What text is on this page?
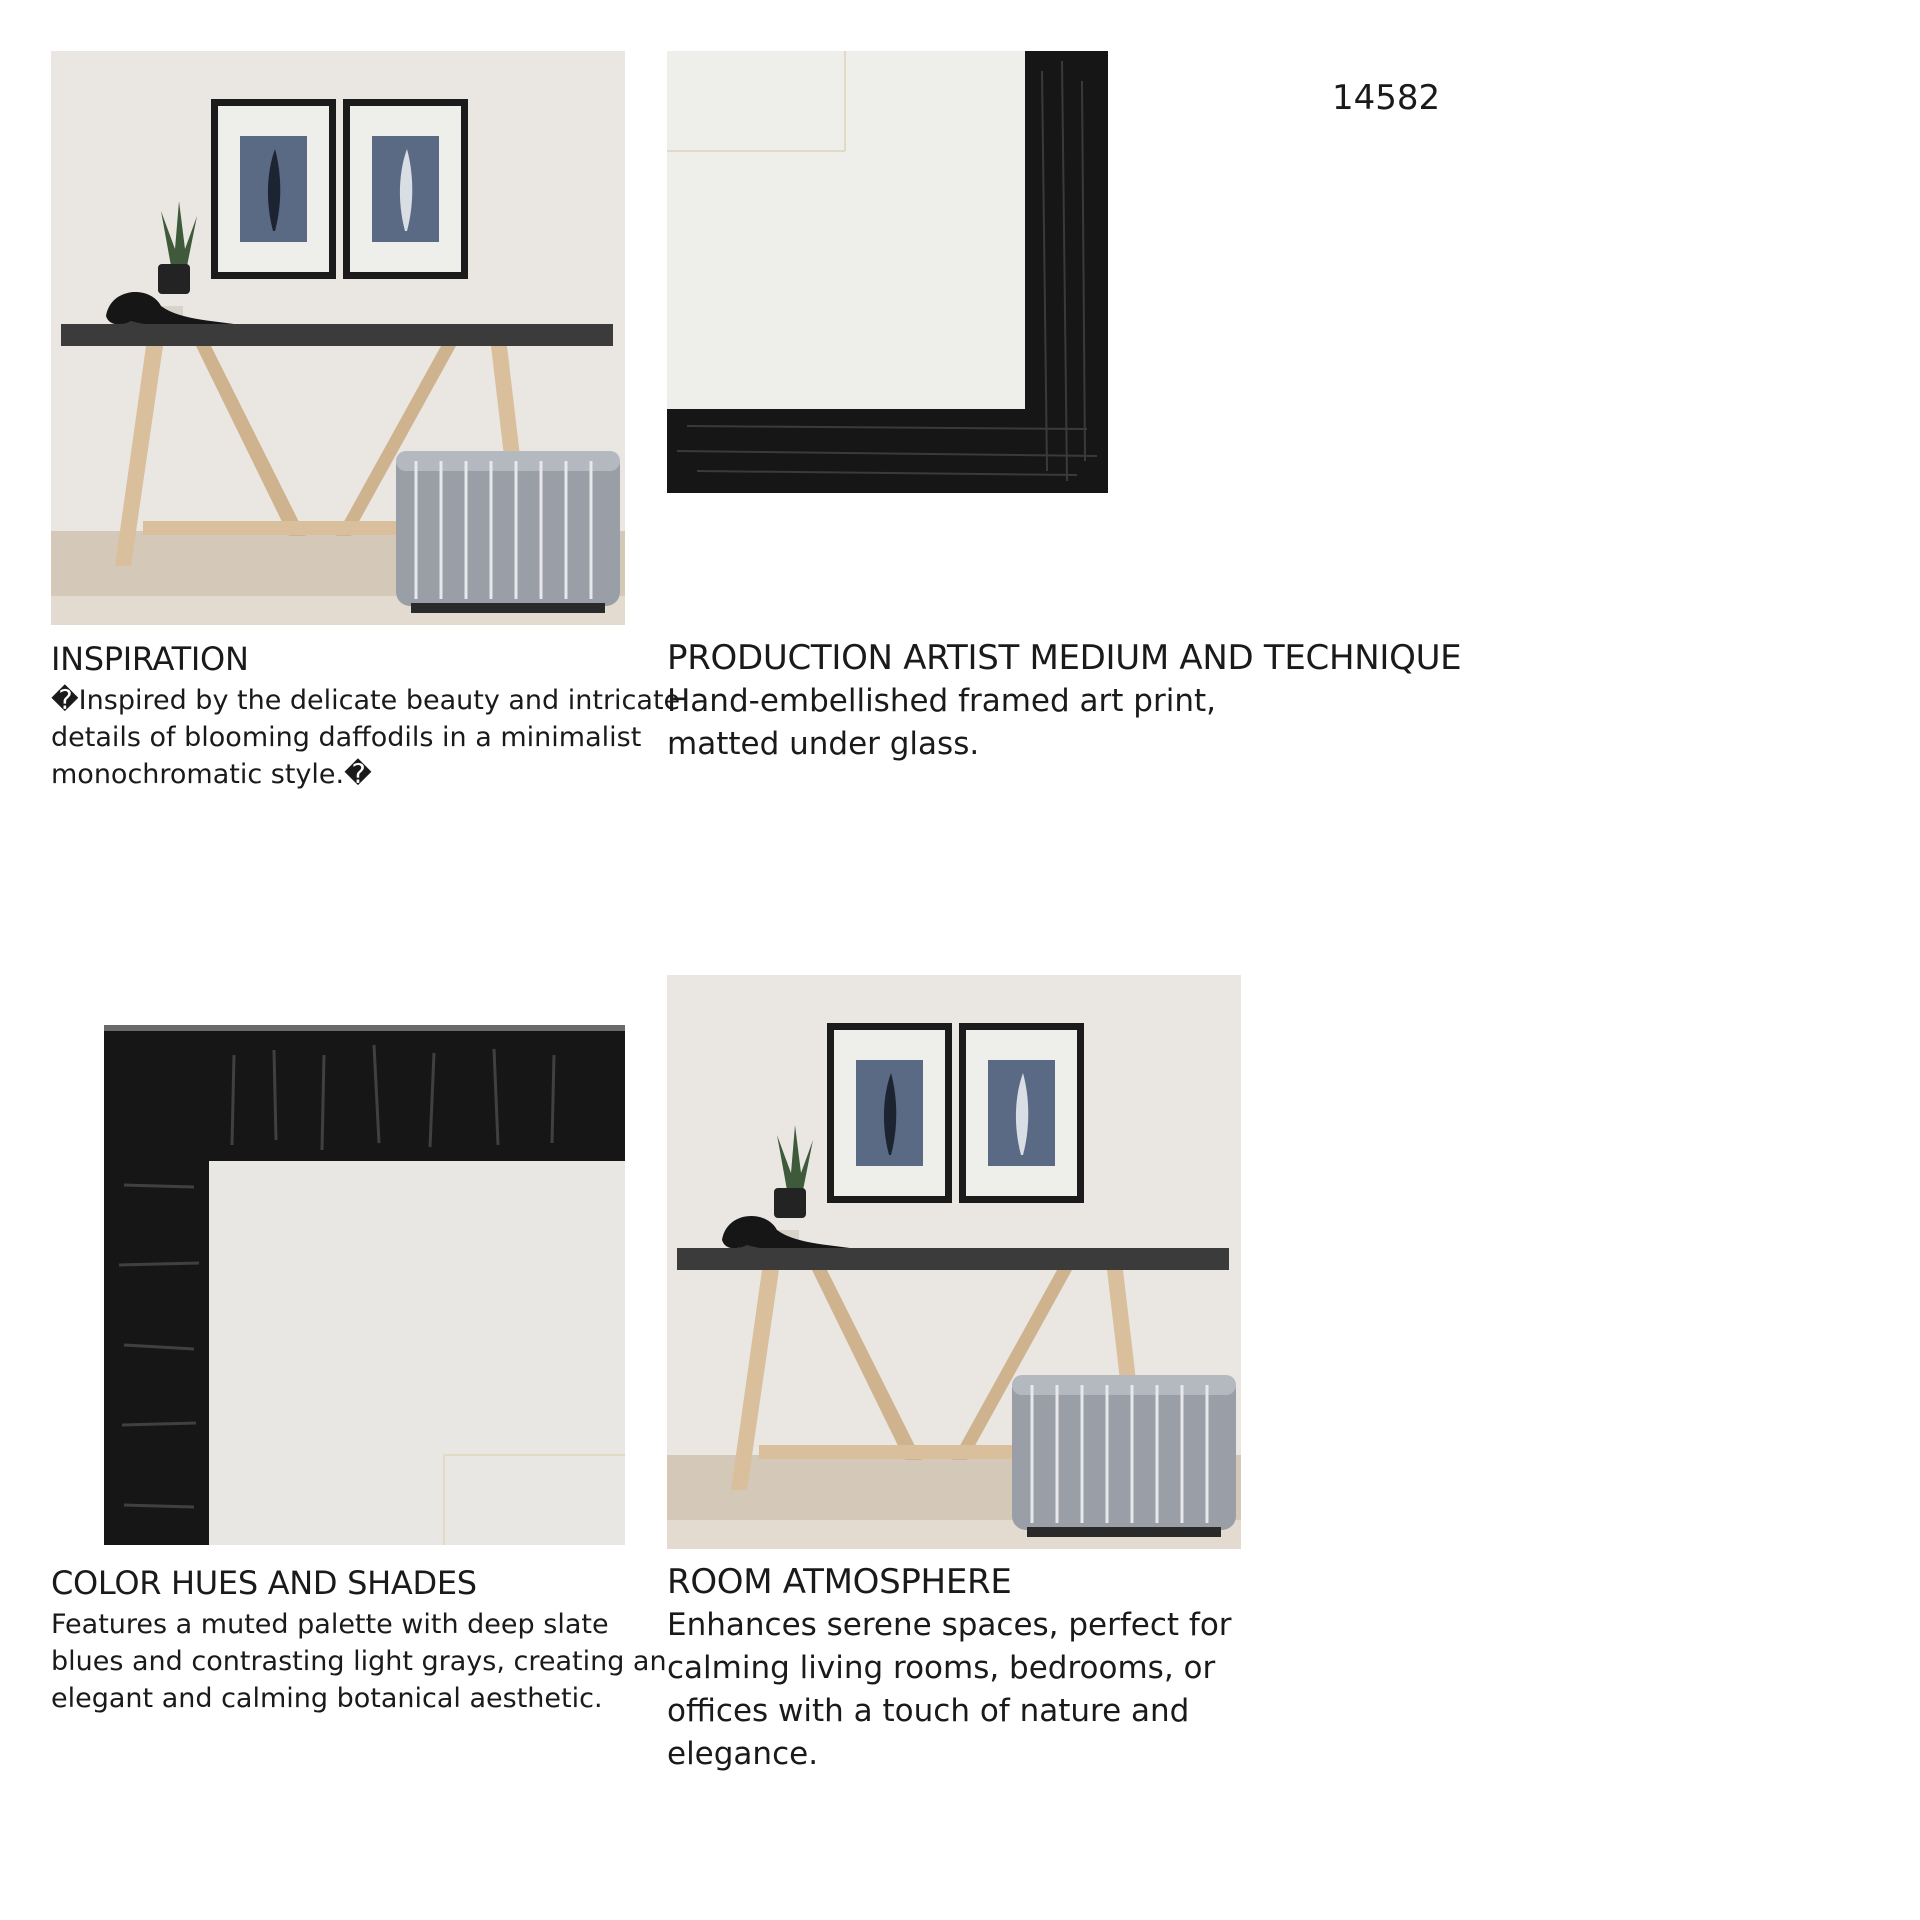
14582
INSPIRATION
�Inspired by the delicate beauty and intricate
details of blooming daffodils in a minimalist
monochromatic style.�
PRODUCTION ARTIST MEDIUM AND TECHNIQUE
Hand-embellished framed art print,
matted under glass.
COLOR HUES AND SHADES
Features a muted palette with deep slate
blues and contrasting light grays, creating an
elegant and calming botanical aesthetic.
ROOM ATMOSPHERE
Enhances serene spaces, perfect for
calming living rooms, bedrooms, or
offices with a touch of nature and
elegance.
